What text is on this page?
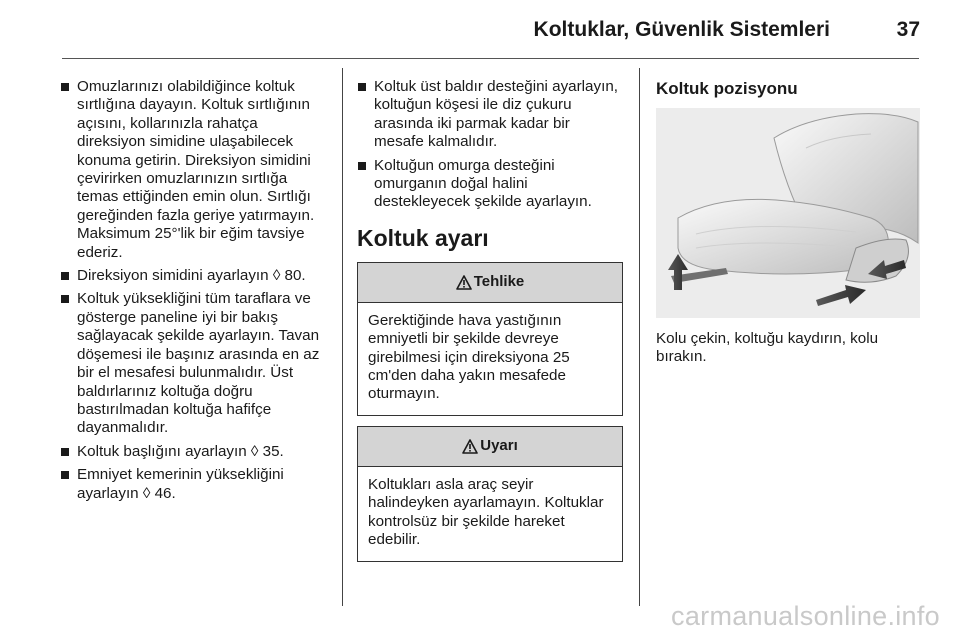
Koltuklar, Güvenlik Sistemleri	37
Omuzlarınızı olabildiğince koltuk sırtlığına dayayın. Koltuk sırtlığının açısını, kollarınızla rahatça direksiyon simidine ulaşabilecek konuma getirin. Direksiyon simidini çevirirken omuzlarınızın sırtlığa temas ettiğinden emin olun. Sırtlığı gereğinden fazla geriye yatırmayın. Maksimum 25°'lik bir eğim tavsiye ederiz.
Direksiyon simidini ayarlayın ◊ 80.
Koltuk yüksekliğini tüm taraflara ve gösterge paneline iyi bir bakış sağlayacak şekilde ayarlayın. Tavan döşemesi ile başınız arasında en az bir el mesafesi bulunmalıdır. Üst baldırlarınız koltuğa doğru bastırılmadan koltuğa hafifçe dayanmalıdır.
Koltuk başlığını ayarlayın ◊ 35.
Emniyet kemerinin yüksekliğini ayarlayın ◊ 46.
Koltuk üst baldır desteğini ayarlayın, koltuğun köşesi ile diz çukuru arasında iki parmak kadar bir mesafe kalmalıdır.
Koltuğun omurga desteğini omurganın doğal halini destekleyecek şekilde ayarlayın.
Koltuk ayarı
Tehlike
Gerektiğinde hava yastığının emniyetli bir şekilde devreye girebilmesi için direksiyona 25 cm'den daha yakın mesafede oturmayın.
Uyarı
Koltukları asla araç seyir halindeyken ayarlamayın. Koltuklar kontrolsüz bir şekilde hareket edebilir.
Koltuk pozisyonu
Kolu çekin, koltuğu kaydırın, kolu bırakın.
carmanualsonline.info
